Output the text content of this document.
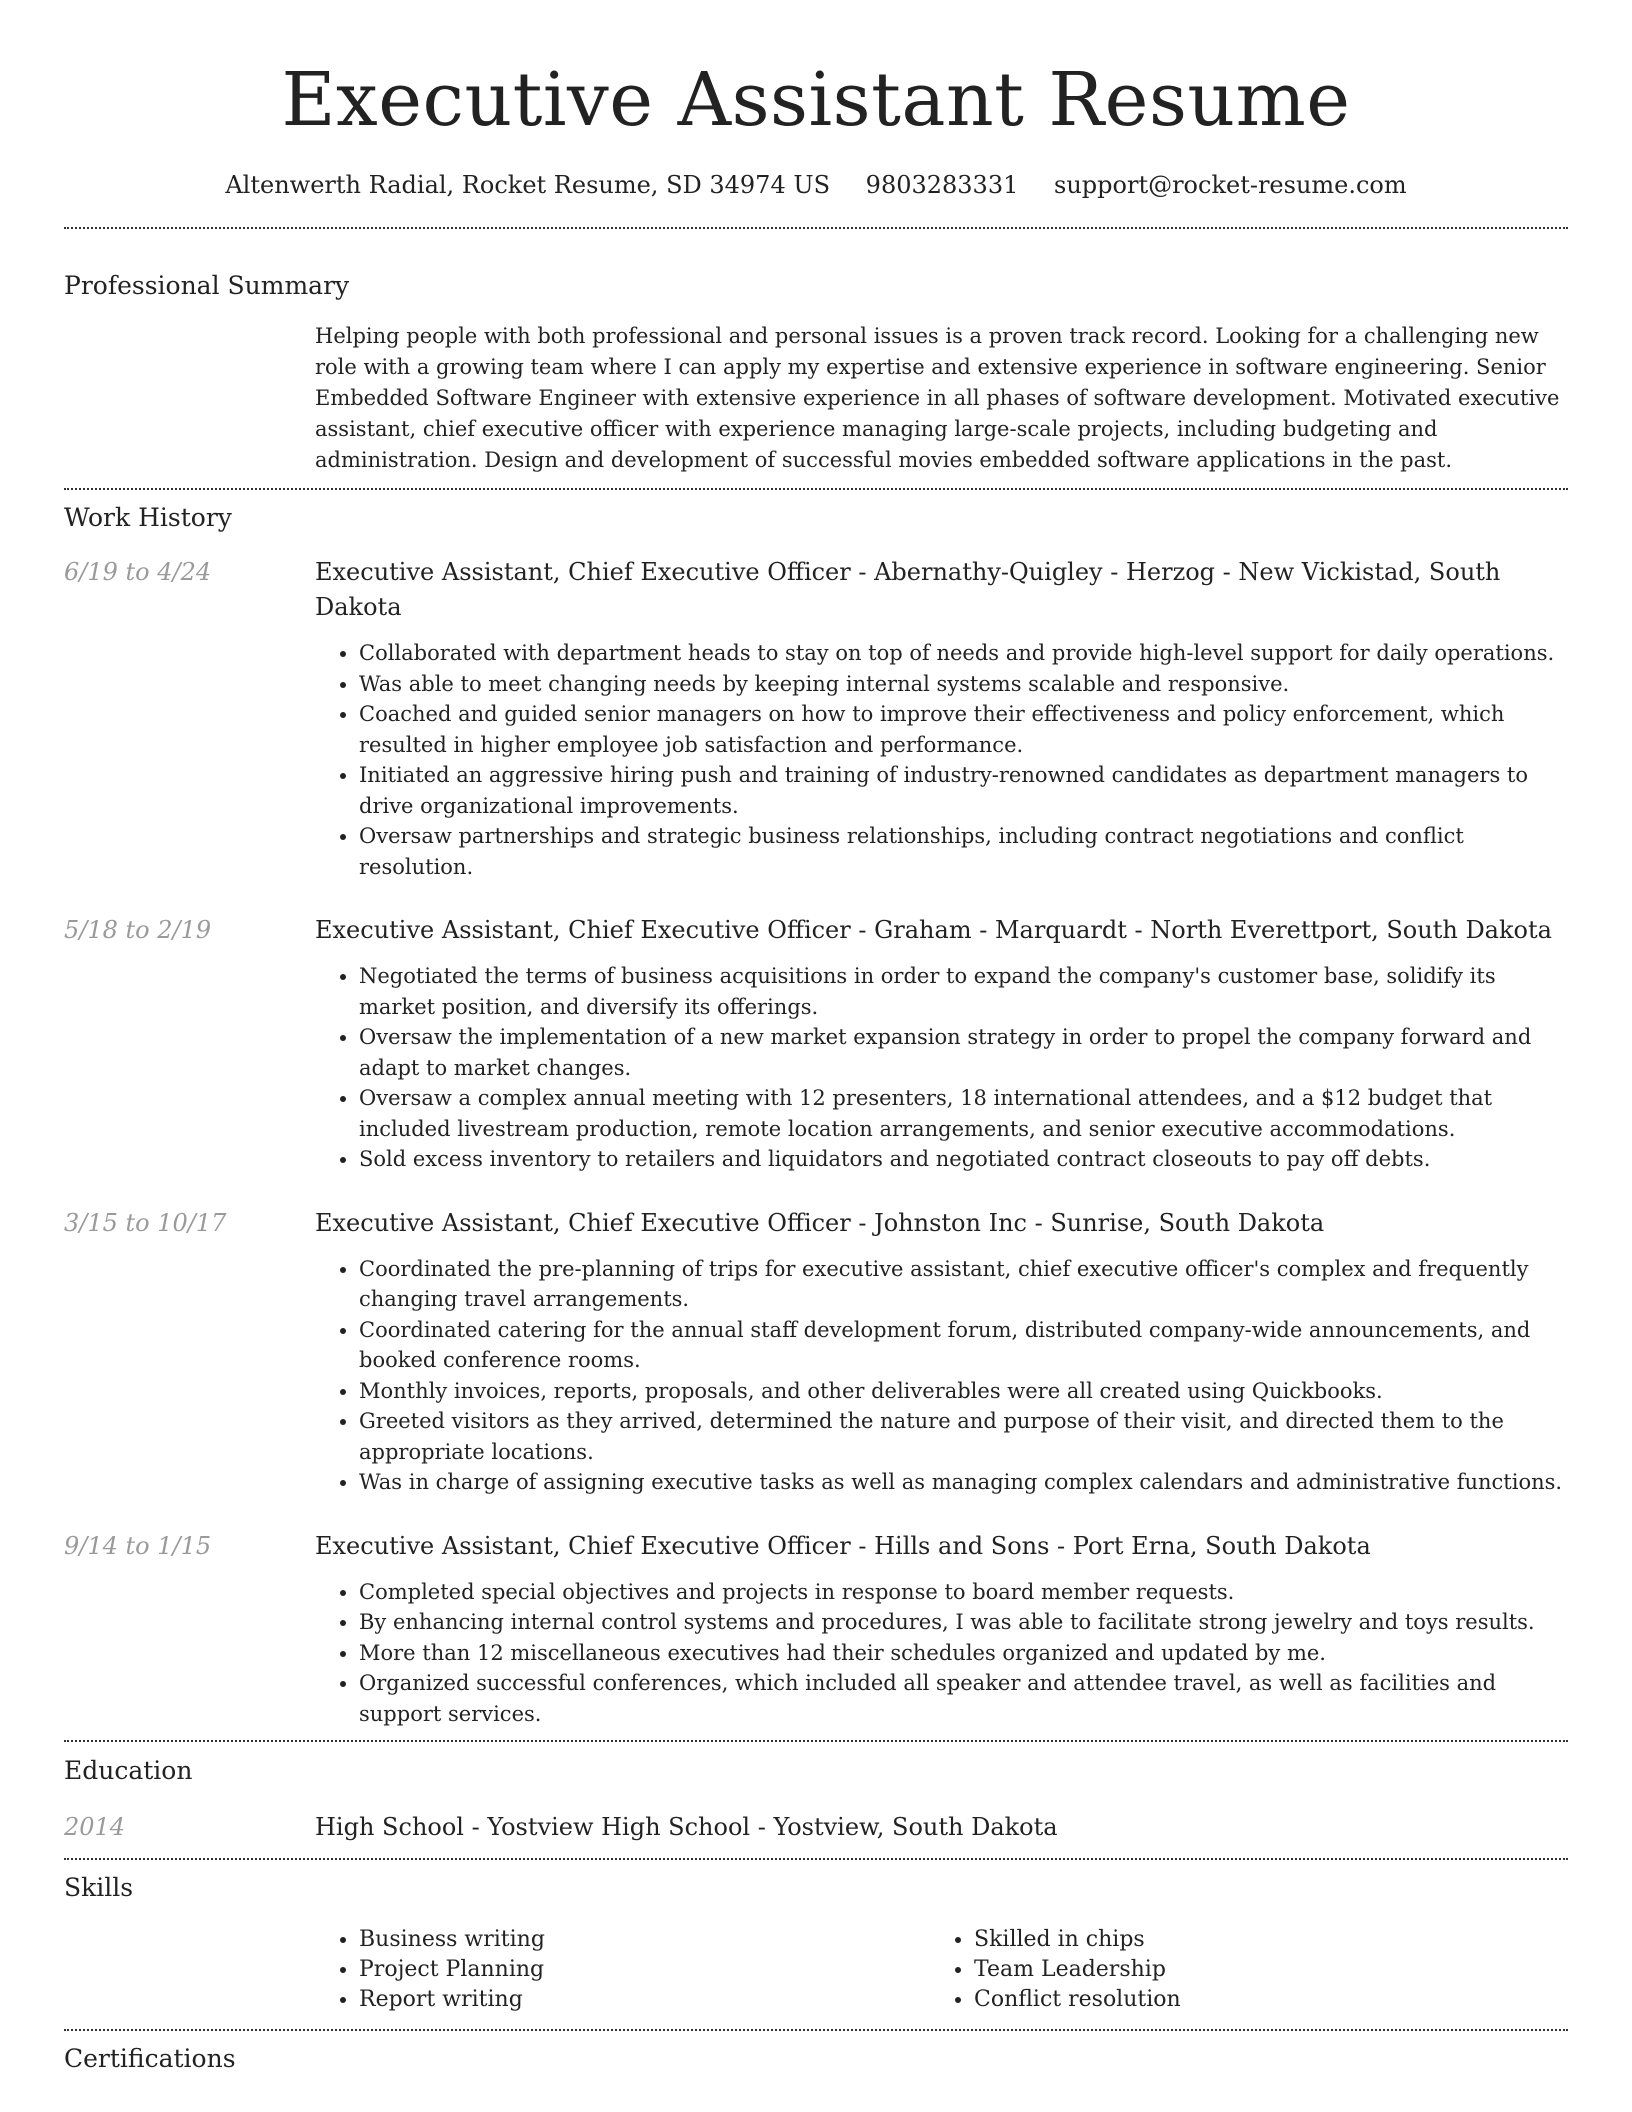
Executive Assistant Resume
Altenwerth Radial, Rocket Resume, SD 34974 US 9803283331 support@rocket-resume.com
Professional Summary

Helping people with both professional and personal issues is a proven track record. Looking for a challenging new role with a growing team where I can apply my expertise and extensive experience in software engineering. Senior Embedded Software Engineer with extensive experience in all phases of software development. Motivated executive assistant, chief executive officer with experience managing large-scale projects, including budgeting and administration. Design and development of successful movies embedded software applications in the past.

Work History
6/19 to 4/24	Executive Assistant, Chief Executive Officer - Abernathy-Quigley - Herzog - New Vickistad, South Dakota
• Collaborated with department heads to stay on top of needs and provide high-level support for daily operations.
• Was able to meet changing needs by keeping internal systems scalable and responsive.
• Coached and guided senior managers on how to improve their effectiveness and policy enforcement, which resulted in higher employee job satisfaction and performance.
• Initiated an aggressive hiring push and training of industry-renowned candidates as department managers to drive organizational improvements.
• Oversaw partnerships and strategic business relationships, including contract negotiations and conflict resolution.
5/18 to 2/19	Executive Assistant, Chief Executive Officer - Graham - Marquardt - North Everettport, South Dakota
• Negotiated the terms of business acquisitions in order to expand the company's customer base, solidify its market position, and diversify its offerings.
• Oversaw the implementation of a new market expansion strategy in order to propel the company forward and adapt to market changes.
• Oversaw a complex annual meeting with 12 presenters, 18 international attendees, and a $12 budget that included livestream production, remote location arrangements, and senior executive accommodations.
• Sold excess inventory to retailers and liquidators and negotiated contract closeouts to pay off debts.
3/15 to 10/17	Executive Assistant, Chief Executive Officer - Johnston Inc - Sunrise, South Dakota
• Coordinated the pre-planning of trips for executive assistant, chief executive officer's complex and frequently changing travel arrangements.
• Coordinated catering for the annual staff development forum, distributed company-wide announcements, and booked conference rooms.
• Monthly invoices, reports, proposals, and other deliverables were all created using Quickbooks.
• Greeted visitors as they arrived, determined the nature and purpose of their visit, and directed them to the appropriate locations.
• Was in charge of assigning executive tasks as well as managing complex calendars and administrative functions.
9/14 to 1/15	Executive Assistant, Chief Executive Officer - Hills and Sons - Port Erna, South Dakota
• Completed special objectives and projects in response to board member requests.
• By enhancing internal control systems and procedures, I was able to facilitate strong jewelry and toys results.
• More than 12 miscellaneous executives had their schedules organized and updated by me.
• Organized successful conferences, which included all speaker and attendee travel, as well as facilities and support services.
Education
2014	High School - Yostview High School - Yostview, South Dakota
Skills
• Business writing
• Project Planning
• Report writing
• Skilled in chips
• Team Leadership
• Conflict resolution
Certifications
